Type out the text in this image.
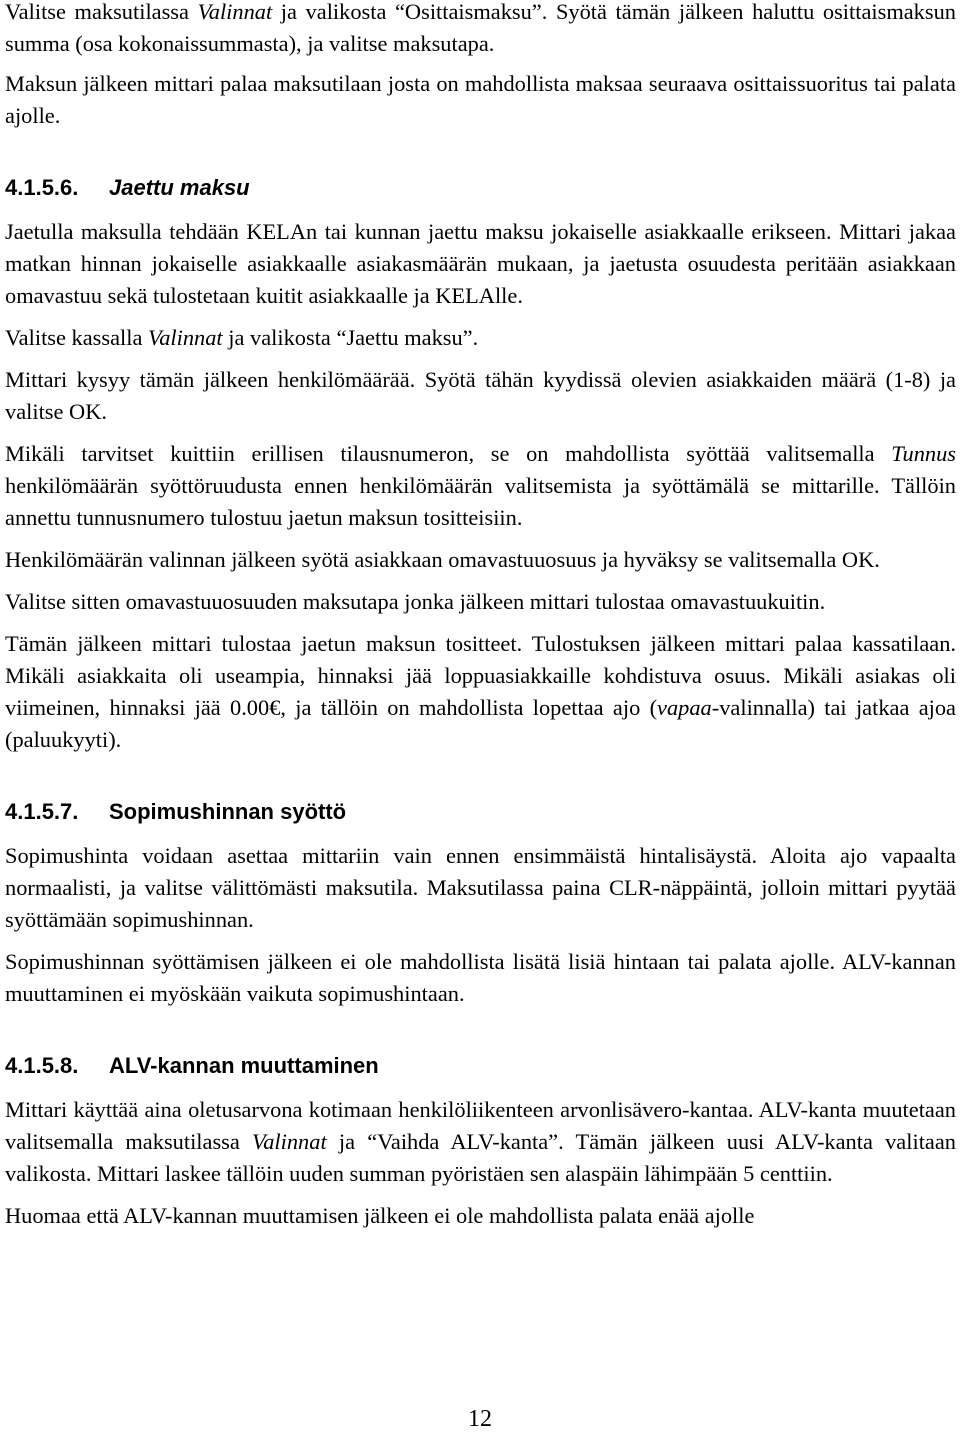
Valitse maksutilassa Valinnat ja valikosta “Osittaismaksu”. Syötä tämän jälkeen haluttu osittaismaksun summa (osa kokonaissummasta), ja valitse maksutapa.

Maksun jälkeen mittari palaa maksutilaan josta on mahdollista maksaa seuraava osittaissuoritus tai palata ajolle.

4.1.5.6. Jaettu maksu

Jaetulla maksulla tehdään KELAn tai kunnan jaettu maksu jokaiselle asiakkaalle erikseen. Mittari jakaa matkan hinnan jokaiselle asiakkaalle asiakasmäärän mukaan, ja jaetusta osuudesta peritään asiakkaan omavastuu sekä tulostetaan kuitit asiakkaalle ja KELAlle.

Valitse kassalla Valinnat ja valikosta “Jaettu maksu”.

Mittari kysyy tämän jälkeen henkilömäärää. Syötä tähän kyydissä olevien asiakkaiden määrä (1-8) ja valitse OK.

Mikäli tarvitset kuittiin erillisen tilausnumeron, se on mahdollista syöttää valitsemalla Tunnus henkilömäärän syöttöruudusta ennen henkilömäärän valitsemista ja syöttämälä se mittarille. Tällöin annettu tunnusnumero tulostuu jaetun maksun tositteisiin.

Henkilömäärän valinnan jälkeen syötä asiakkaan omavastuuosuus ja hyväksy se valitsemalla OK.

Valitse sitten omavastuuosuuden maksutapa jonka jälkeen mittari tulostaa omavastuukuitin.

Tämän jälkeen mittari tulostaa jaetun maksun tositteet. Tulostuksen jälkeen mittari palaa kassatilaan. Mikäli asiakkaita oli useampia, hinnaksi jää loppuasiakkaille kohdistuva osuus. Mikäli asiakas oli viimeinen, hinnaksi jää 0.00€, ja tällöin on mahdollista lopettaa ajo (vapaa-valinnalla) tai jatkaa ajoa (paluukyyti).

4.1.5.7. Sopimushinnan syöttö

Sopimushinta voidaan asettaa mittariin vain ennen ensimmäistä hintalisäystä. Aloita ajo vapaalta normaalisti, ja valitse välittömästi maksutila. Maksutilassa paina CLR-näppäintä, jolloin mittari pyytää syöttämään sopimushinnan.

Sopimushinnan syöttämisen jälkeen ei ole mahdollista lisätä lisiä hintaan tai palata ajolle. ALV-kannan muuttaminen ei myöskään vaikuta sopimushintaan.

4.1.5.8. ALV-kannan muuttaminen

Mittari käyttää aina oletusarvona kotimaan henkilöliikenteen arvonlisävero-kantaa. ALV-kanta muutetaan valitsemalla maksutilassa Valinnat ja “Vaihda ALV-kanta”. Tämän jälkeen uusi ALV-kanta valitaan valikosta. Mittari laskee tällöin uuden summan pyöristäen sen alaspäin lähimpään 5 centtiin.

Huomaa että ALV-kannan muuttamisen jälkeen ei ole mahdollista palata enää ajolle

12
